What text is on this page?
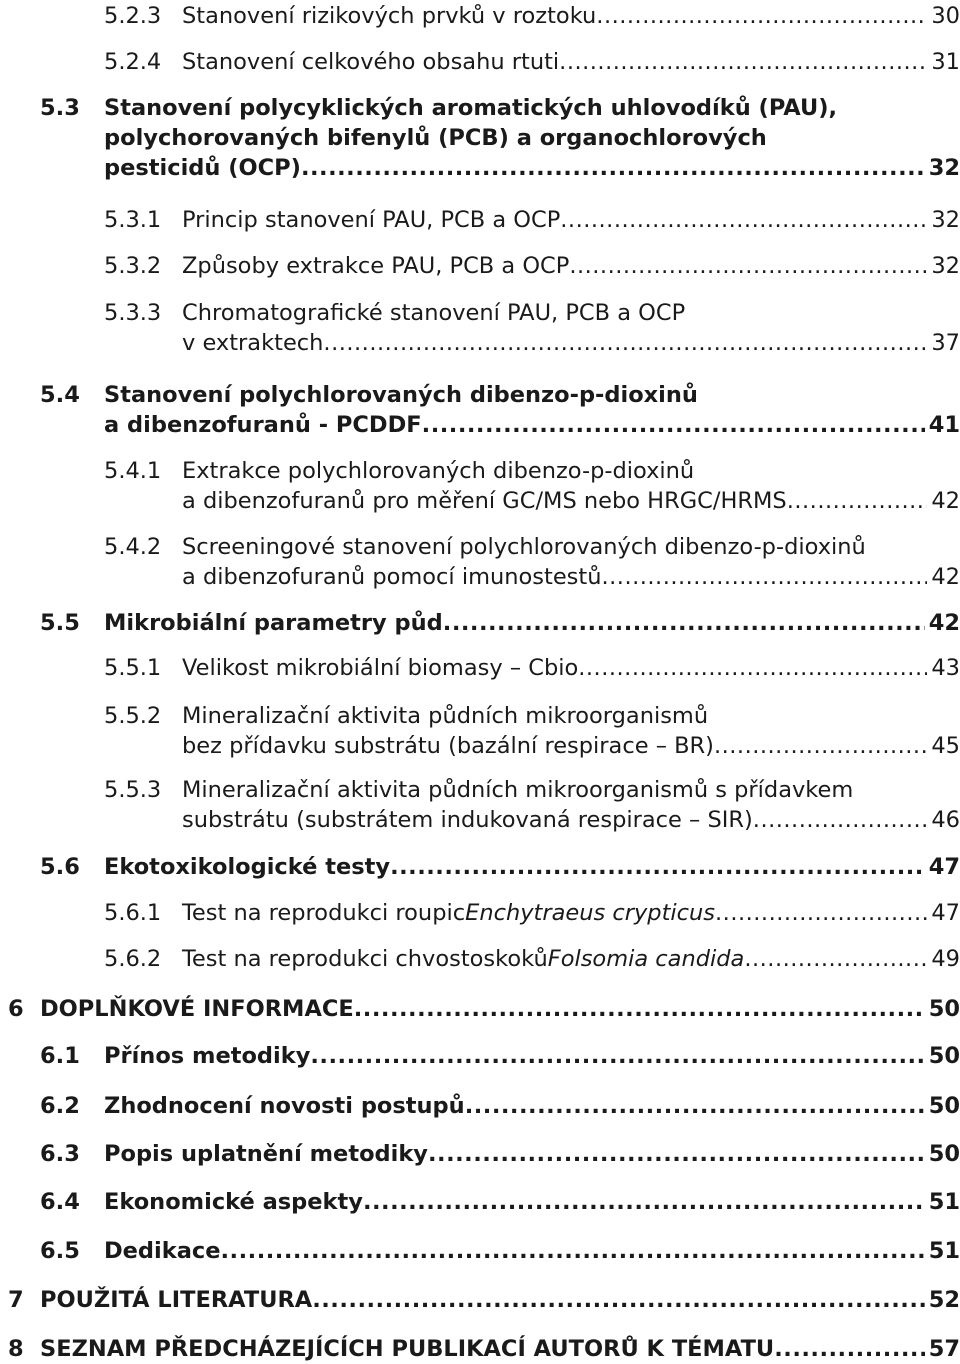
5.2.3 Stanovení rizikových prvků v roztoku .....	30
5.2.4 Stanovení celkového obsahu rtuti .....	31
5.3 Stanovení polycyklických aromatických uhlovodíků (PAU),
polychorovaných bifenylů (PCB) a organochlorových
pesticidů (OCP) .....	32
5.3.1 Princip stanovení PAU, PCB a OCP .....	32
5.3.2 Způsoby extrakce PAU, PCB a OCP .....	32
5.3.3 Chromatografické stanovení PAU, PCB a OCP
v extraktech .....	37
5.4 Stanovení polychlorovaných dibenzo-p-dioxinů
a dibenzofuranů - PCDDF .....	41
5.4.1 Extrakce polychlorovaných dibenzo-p-dioxinů
a dibenzofuranů pro měření GC/MS nebo HRGC/HRMS .....	42
5.4.2 Screeningové stanovení polychlorovaných dibenzo-p-dioxinů
a dibenzofuranů pomocí imunostestů .....	42
5.5 Mikrobiální parametry půd .....	42
5.5.1 Velikost mikrobiální biomasy – Cbio .....	43
5.5.2 Mineralizační aktivita půdních mikroorganismů
bez přídavku substrátu (bazální respirace – BR) .....	45
5.5.3 Mineralizační aktivita půdních mikroorganismů s přídavkem
substrátu (substrátem indukovaná respirace – SIR) .....	46
5.6 Ekotoxikologické testy .....	47
5.6.1 Test na reprodukci roupic Enchytraeus crypticus .....	47
5.6.2 Test na reprodukci chvostoskoků Folsomia candida .....	49
6 DOPLŇKOVÉ INFORMACE .....	50
6.1 Přínos metodiky .....	50
6.2 Zhodnocení novosti postupů .....	50
6.3 Popis uplatnění metodiky .....	50
6.4 Ekonomické aspekty .....	51
6.5 Dedikace .....	51
7 POUŽITÁ LITERATURA .....	52
8 SEZNAM PŘEDCHÁZEJÍCÍCH PUBLIKACÍ AUTORŮ K TÉMATU .....	57
